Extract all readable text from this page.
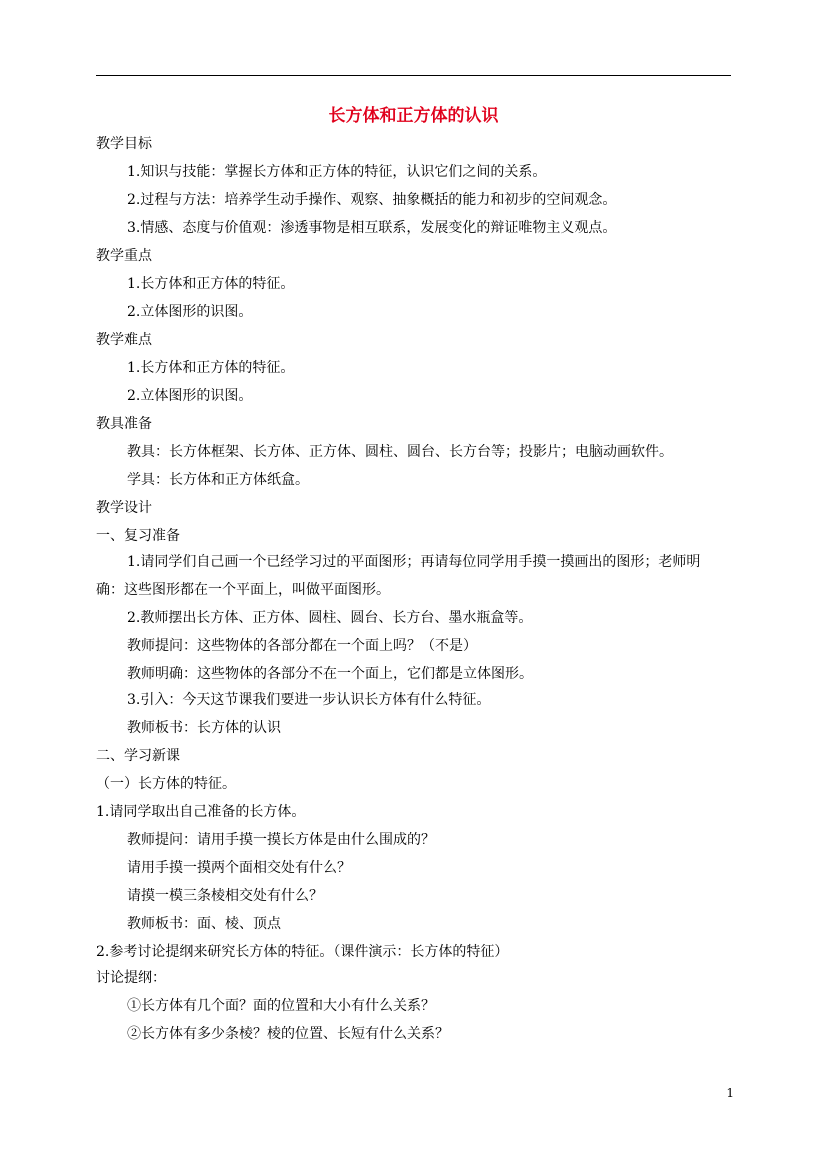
长方体和正方体的认识
教学目标
1.知识与技能：掌握长方体和正方体的特征，认识它们之间的关系。
2.过程与方法：培养学生动手操作、观察、抽象概括的能力和初步的空间观念。
3.情感、态度与价值观：渗透事物是相互联系，发展变化的辩证唯物主义观点。
教学重点
1.长方体和正方体的特征。
2.立体图形的识图。
教学难点
1.长方体和正方体的特征。
2.立体图形的识图。
教具准备
教具：长方体框架、长方体、正方体、圆柱、圆台、长方台等；投影片；电脑动画软件。
学具：长方体和正方体纸盒。
教学设计
一、复习准备
1.请同学们自己画一个已经学习过的平面图形；再请每位同学用手摸一摸画出的图形；老师明
确：这些图形都在一个平面上，叫做平面图形。
2.教师摆出长方体、正方体、圆柱、圆台、长方台、墨水瓶盒等。
教师提问：这些物体的各部分都在一个面上吗？（不是）
教师明确：这些物体的各部分不在一个面上，它们都是立体图形。
3.引入：今天这节课我们要进一步认识长方体有什么特征。
教师板书：长方体的认识
二、学习新课
（一）长方体的特征。
1.请同学取出自己准备的长方体。
教师提问：请用手摸一摸长方体是由什么围成的？
请用手摸一摸两个面相交处有什么？
请摸一模三条棱相交处有什么？
教师板书：面、棱、顶点
2.参考讨论提纲来研究长方体的特征。（课件演示：长方体的特征）
讨论提纲：
①长方体有几个面？面的位置和大小有什么关系？
②长方体有多少条棱？棱的位置、长短有什么关系？
1
